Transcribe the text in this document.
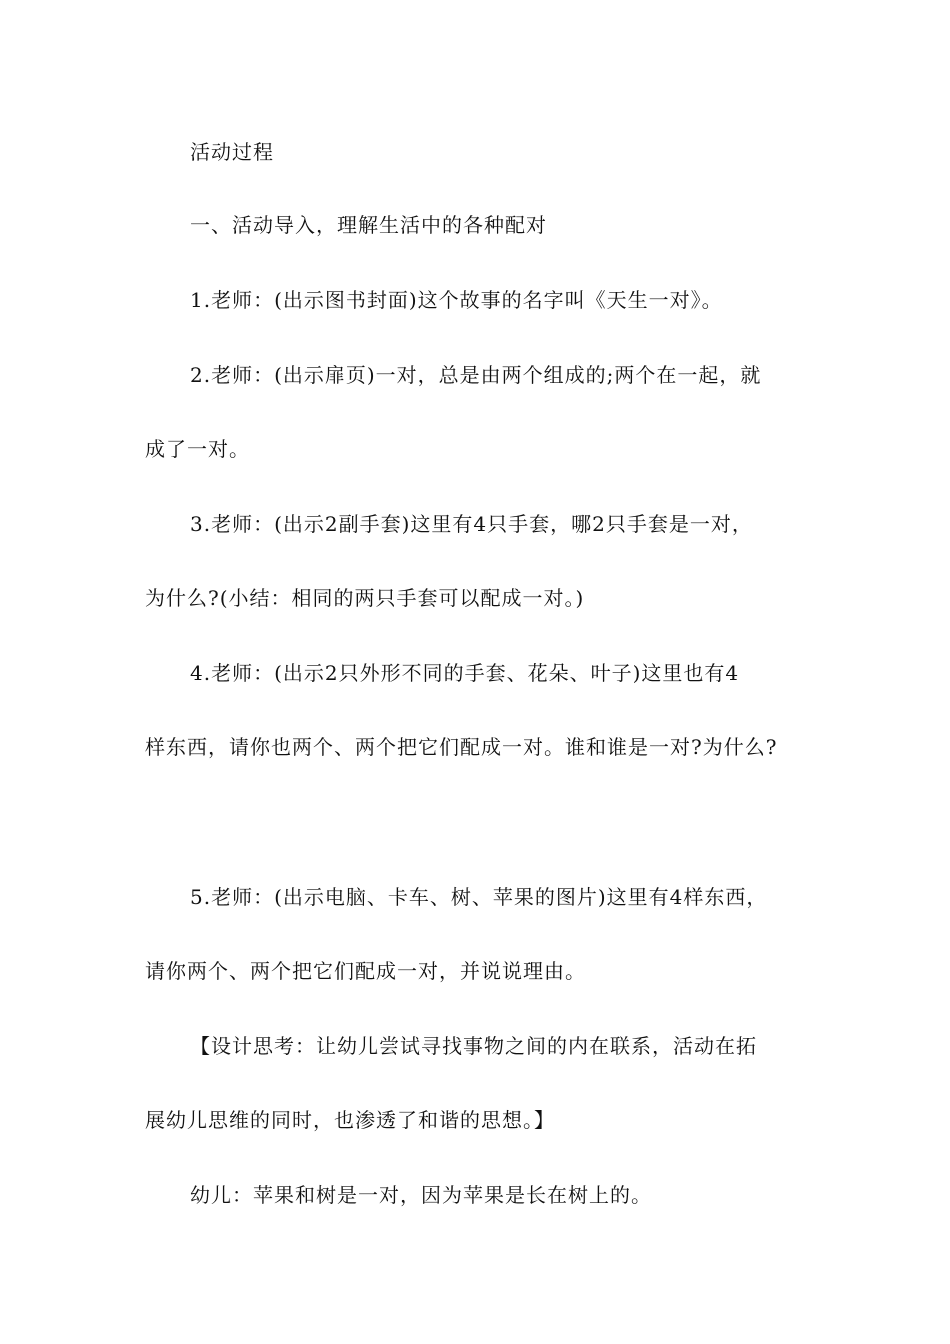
活动过程
一、活动导入，理解生活中的各种配对
1.老师：(出示图书封面)这个故事的名字叫《天生一对》。
2.老师：(出示扉页)一对，总是由两个组成的;两个在一起，就
成了一对。
3.老师：(出示2副手套)这里有4只手套，哪2只手套是一对，
为什么?(小结：相同的两只手套可以配成一对。)
4.老师：(出示2只外形不同的手套、花朵、叶子)这里也有4
样东西，请你也两个、两个把它们配成一对。谁和谁是一对?为什么?
5.老师：(出示电脑、卡车、树、苹果的图片)这里有4样东西，
请你两个、两个把它们配成一对，并说说理由。
【设计思考：让幼儿尝试寻找事物之间的内在联系，活动在拓
展幼儿思维的同时，也渗透了和谐的思想。】
幼儿：苹果和树是一对，因为苹果是长在树上的。
